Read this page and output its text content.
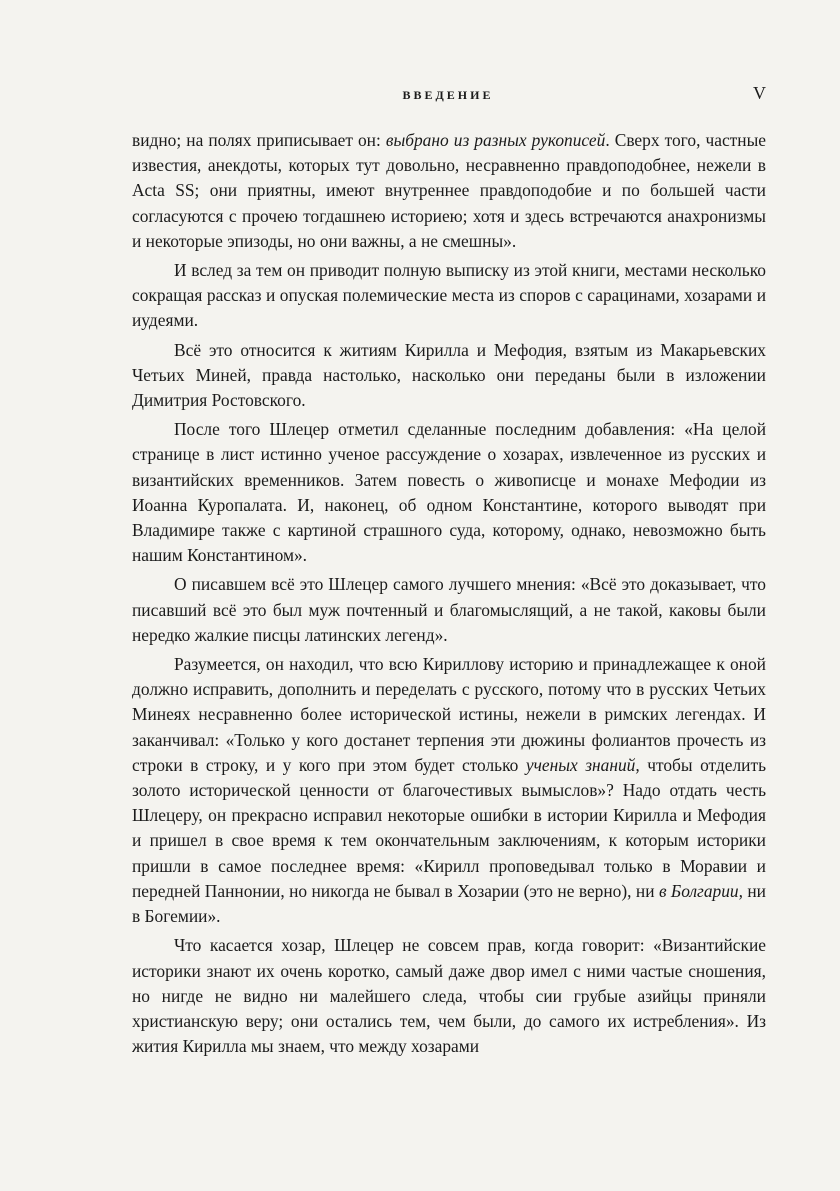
ВВЕДЕНИЕ	V

видно; на полях приписывает он: выбрано из разных рукописей. Сверх того, частные известия, анекдоты, которых тут довольно, несравненно правдоподобнее, нежели в Acta SS; они приятны, имеют внутреннее правдоподобие и по большей части согласуются с прочею тогдашнею историею; хотя и здесь встречаются анахронизмы и некоторые эпизоды, но они важны, а не смешны».

И вслед за тем он приводит полную выписку из этой книги, местами несколько сокращая рассказ и опуская полемические места из споров с сарацинами, хозарами и иудеями.

Всё это относится к житиям Кирилла и Мефодия, взятым из Макарьевских Четьих Миней, правда настолько, насколько они переданы были в изложении Димитрия Ростовского.

После того Шлецер отметил сделанные последним добавления: «На целой странице в лист истинно ученое рассуждение о хозарах, извлеченное из русских и византийских временников. Затем повесть о живописце и монахе Мефодии из Иоанна Куропалата. И, наконец, об одном Константине, которого выводят при Владимире также с картиной страшного суда, которому, однако, невозможно быть нашим Константином».

О писавшем всё это Шлецер самого лучшего мнения: «Всё это доказывает, что писавший всё это был муж почтенный и благомыслящий, а не такой, каковы были нередко жалкие писцы латинских легенд».

Разумеется, он находил, что всю Кириллову историю и принадлежащее к оной должно исправить, дополнить и переделать с русского, потому что в русских Четьих Минеях несравненно более исторической истины, нежели в римских легендах. И заканчивал: «Только у кого достанет терпения эти дюжины фолиантов прочесть из строки в строку, и у кого при этом будет столько ученых знаний, чтобы отделить золото исторической ценности от благочестивых вымыслов»? Надо отдать честь Шлецеру, он прекрасно исправил некоторые ошибки в истории Кирилла и Мефодия и пришел в свое время к тем окончательным заключениям, к которым историки пришли в самое последнее время: «Кирилл проповедывал только в Моравии и передней Паннонии, но никогда не бывал в Хозарии (это не верно), ни в Болгарии, ни в Богемии».

Что касается хозар, Шлецер не совсем прав, когда говорит: «Византийские историки знают их очень коротко, самый даже двор имел с ними частые сношения, но нигде не видно ни малейшего следа, чтобы сии грубые азийцы приняли христианскую веру; они остались тем, чем были, до самого их истребления». Из жития Кирилла мы знаем, что между хозарами
